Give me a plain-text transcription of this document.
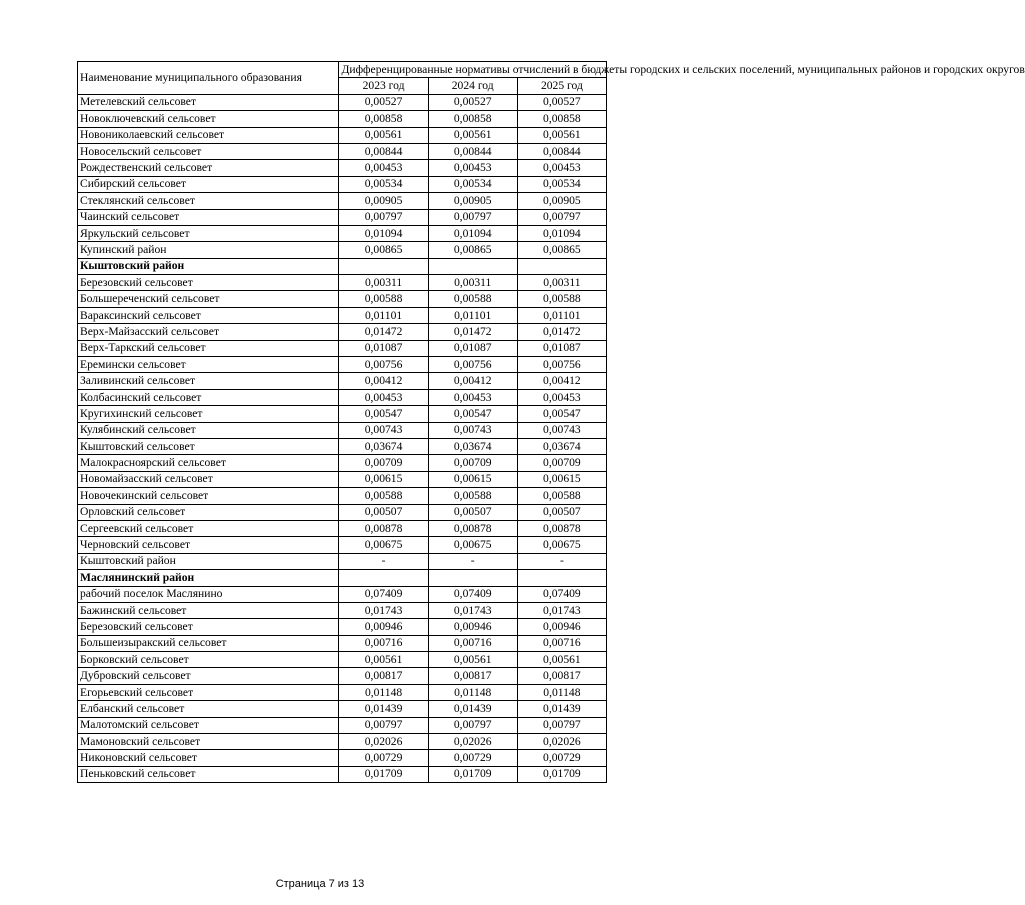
Наименование муниципального образования	Дифференцированные нормативы отчислений в бюджеты городских и сельских поселений, муниципальных районов и городских округов		
	2023 год	2024 год	2025 год
Метелевский сельсовет	0,00527	0,00527	0,00527
Новоключевский сельсовет	0,00858	0,00858	0,00858
Новониколаевский сельсовет	0,00561	0,00561	0,00561
Новосельский сельсовет	0,00844	0,00844	0,00844
Рождественский сельсовет	0,00453	0,00453	0,00453
Сибирский сельсовет	0,00534	0,00534	0,00534
Стеклянский сельсовет	0,00905	0,00905	0,00905
Чаинский сельсовет	0,00797	0,00797	0,00797
Яркульский сельсовет	0,01094	0,01094	0,01094
Купинский район	0,00865	0,00865	0,00865
Кыштовский район			
Березовский сельсовет	0,00311	0,00311	0,00311
Большереченский сельсовет	0,00588	0,00588	0,00588
Вараксинский сельсовет	0,01101	0,01101	0,01101
Верх-Майзасский сельсовет	0,01472	0,01472	0,01472
Верх-Таркский сельсовет	0,01087	0,01087	0,01087
Еремински сельсовет	0,00756	0,00756	0,00756
Заливинский сельсовет	0,00412	0,00412	0,00412
Колбасинский сельсовет	0,00453	0,00453	0,00453
Кругихинский сельсовет	0,00547	0,00547	0,00547
Кулябинский сельсовет	0,00743	0,00743	0,00743
Кыштовский сельсовет	0,03674	0,03674	0,03674
Малокрасноярский сельсовет	0,00709	0,00709	0,00709
Новомайзасский сельсовет	0,00615	0,00615	0,00615
Новочекинский сельсовет	0,00588	0,00588	0,00588
Орловский сельсовет	0,00507	0,00507	0,00507
Сергеевский сельсовет	0,00878	0,00878	0,00878
Черновский сельсовет	0,00675	0,00675	0,00675
Кыштовский район	-	-	-
Маслянинский район			
рабочий поселок Маслянино	0,07409	0,07409	0,07409
Бажинский сельсовет	0,01743	0,01743	0,01743
Березовский сельсовет	0,00946	0,00946	0,00946
Большеизыракский сельсовет	0,00716	0,00716	0,00716
Борковский сельсовет	0,00561	0,00561	0,00561
Дубровский сельсовет	0,00817	0,00817	0,00817
Егорьевский сельсовет	0,01148	0,01148	0,01148
Елбанский сельсовет	0,01439	0,01439	0,01439
Малотомский сельсовет	0,00797	0,00797	0,00797
Мамоновский сельсовет	0,02026	0,02026	0,02026
Никоновский сельсовет	0,00729	0,00729	0,00729
Пеньковский сельсовет	0,01709	0,01709	0,01709
Страница 7 из 13
